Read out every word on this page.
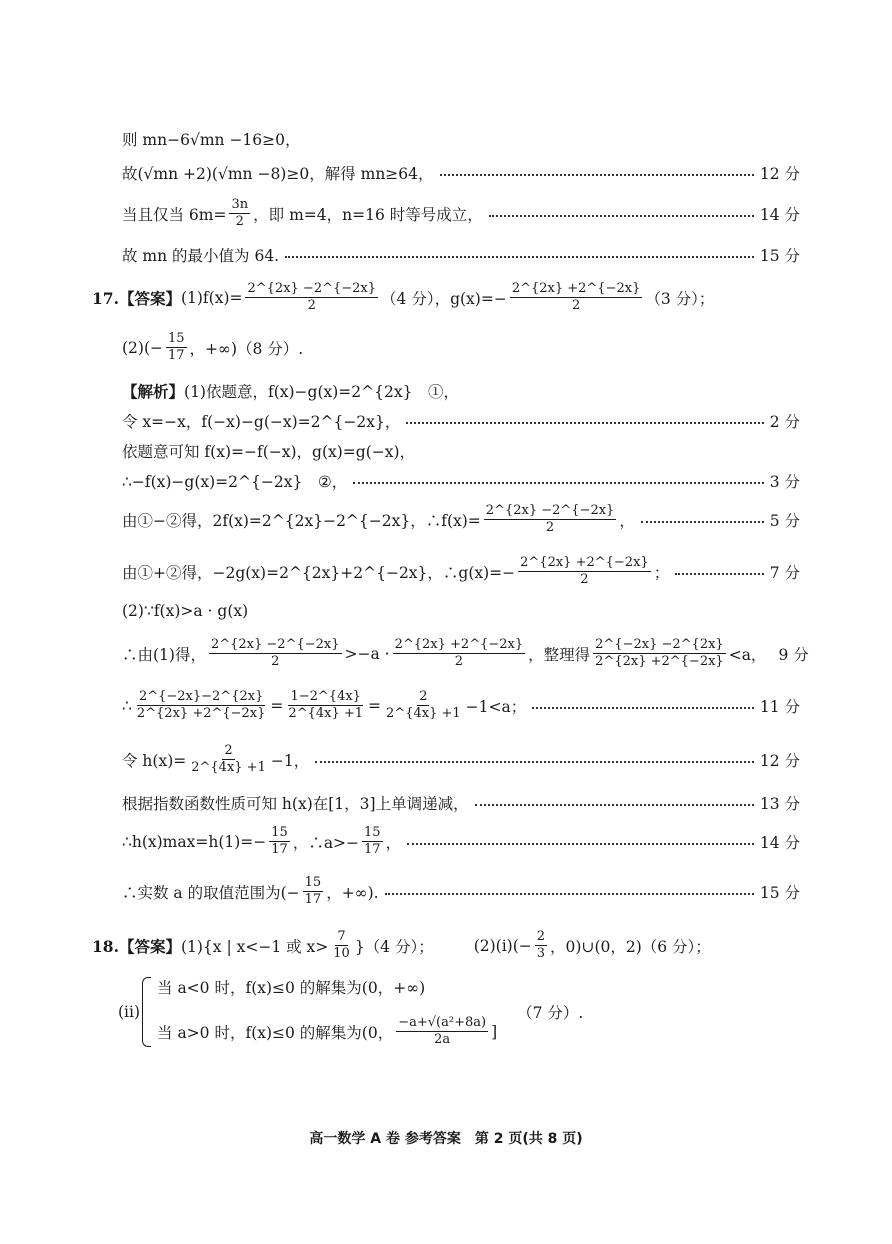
则 mn−6√mn −16≥0，
故(√mn +2)(√mn −8)≥0，解得 mn≥64，	12 分
当且仅当 $6m= \frac{3n}{2}$ ，即 m=4，n=16 时等号成立，	14 分
故 mn 的最小值为 64.	15 分
17.【答案】 $(1)f(x)= \frac{2\^{}\{2x\} -2\^{}\{-2x\}}{2} (4$ 分），$g(x)=- \frac{2\^{}\{2x\} +2\^{}\{-2x\}}{2} (3$ 分）；
$(2)(- \frac{15}{17}$ ，+∞)（8 分）.
【解析】 (1)依题意，f(x)−g(x)=2^{2x}　①，
令 x=−x，f(−x)−g(−x)=2^{−2x}，	2 分
依题意可知 f(x)=−f(−x)，g(x)=g(−x)，
∴−f(x)−g(x)=2^{−2x}　②，	3 分
由①−②得，2f(x)=2^{2x}−2^{−2x}，∴f(x)= $\frac{2\^{}\{2x\} -2\^{}\{-2x\}}{2}$ ，	5 分
由①+②得，−2g(x)=2^{2x}+2^{−2x}，∴g(x)=− $\frac{2\^{}\{2x\} +2\^{}\{-2x\}}{2}$ ；	7 分
(2)∵f(x)>a · g(x)
∴由(1)得， $\frac{2\^{}\{2x\} -2\^{}\{-2x\}}{2} >-a \cdot \frac{2\^{}\{2x\} +2\^{}\{-2x\}}{2}$ ，整理得 $\frac{2\^{}\{-2x\} -2\^{}\{2x\}}{2\^{}\{2x\} +2\^{}\{-2x\}} <a$， 9 分
∴ $\frac{2\^{}\{-2x\}-2\^{}\{2x\}}{2\^{}\{2x\} +2\^{}\{-2x\}} = \frac{1-2\^{}\{4x\}}{2\^{}\{4x\} +1} = \frac{2}{2\^{}\{4x\} +1} -1<a$；	11 分
令 $h(x)= \frac{2}{2\^{}\{4x\} +1} -1$，	12 分
根据指数函数性质可知 h(x)在[1，3]上单调递减，	13 分
∴h(x)max=h(1)=− $\frac{15}{17}$ ，∴a>− $\frac{15}{17}$ ，	14 分
∴实数 a 的取值范围为(− $\frac{15}{17}$ ，+∞).	15 分
18.【答案】 (1){x | x<−1 或 $x> \frac{7}{10} \}(4$ 分）；	$(2)(i)(- \frac{2}{3}$ ，0)∪(0，2)（6 分）；
(ii)
当 a<0 时，f(x)≤0 的解集为(0，+∞)
当 a>0 时，f(x)≤0 的解集为(0， $\frac{\text{−a+√(a²+8a)}}{2a}$ ]
（7 分）.
高一数学 A 卷 参考答案　第 2 页(共 8 页)
